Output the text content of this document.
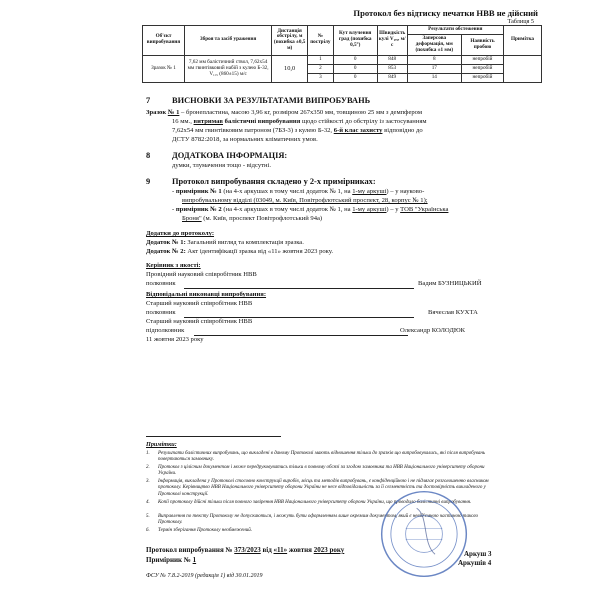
Протокол без відтиску печатки НВВ не дійсний
Таблиця 5
Об'єкт випробування	Зброя та засіб ураження	Дистанція обстрілу, м (похибка ±0,5 м)	№ пострілу	Кут влучення град (похибка 0,5°)	Швидкість кулі V₁,₅, м/с	Результати обстеження		Примітка
						Заперсова деформація, мм (похибка ±1 мм)	Наявність пробою	
Зразок № 1	7,62 мм балістичний ствол, 7,62х54 мм гвинтівковий набій з кулею Б-32, V₁,₅ (860±15) м/с	10,0	1	0	848	8	непробій	
			2	0	853	17	непробій	
			3	0	849	14	непробій	
7	ВИСНОВКИ ЗА РЕЗУЛЬТАТАМИ ВИПРОБУВАНЬ
Зразок № 1 – бронепластина, масою 3,96 кг, розміром 267х350 мм, товщиною 25 мм з демпфером
16 мм., витримав балістичні випробування щодо стійкості до обстрілу із застосуванням
7,62х54 мм гвинтівковим патроном (7БЗ-3) з кулею Б-32, 6-й клас захисту відповідно до
ДСТУ 8782:2018, за нормальних кліматичних умов.
8	ДОДАТКОВА ІНФОРМАЦІЯ:
думки, тлумачення тощо - відсутні.
9	Протокол випробування складено у 2-х примірниках:
- примірник № 1 (на 4-х аркушах в тому числі додаток № 1, на 1-му аркуші) – у науково-
випробувальному відділі (03049, м. Київ, Повітрофлотський проспект, 28, корпус № 1);
- примірник № 2 (на 4-х аркушах в тому числі додаток № 1, на 1-му аркуші) – у ТОВ "Українська
Броня" (м. Київ, проспект Повітрофлотський 94а)
Додатки до протоколу:
Додаток № 1: Загальний вигляд та комплектація зразка.
Додаток № 2: Акт ідентифікації зразка від «11» жовтня 2023 року.
Керівник з якості:
Провідний науковий співробітник НВВ
полковник	Вадим БУЗНИЦЬКИЙ
Відповідальні виконавці випробування:
Старший науковий співробітник НВВ
полковник	Вячеслав КУХТА
Старший науковий співробітник НВВ
підполковник	Олександр КОЛОДЮК
11 жовтня 2023 року
Примітки:
1. Результати балістичних випробувань, що викладені в даному Протоколі мають відношення тільки до зразків що випробовувались, які після випробувань повертаються замовнику.
2. Протокол з цілісним документом і може передруковуватись тільки в повному обсязі за згодою замовника та НВВ Національного університету оборони України.
3. Інформація, викладена у Протоколі стосовно конструкції виробів, місць та методів випробувань, є конфіденційною і не підлягає розголошенню власником протоколу. Керівництво НВВ Національного університету оборони України не несе відповідальність за її сегментність та достовірність викладеного у Протоколі конструкції.
4. Копії протоколу дійсні тільки після повного завірення НВВ Національного університету оборони України, що проводило балістичні випробування.
5. Виправлення по тексту Протоколу не допускаються, і можуть бути оформленням лише окремим документом, який є невід'ємною частиною такого Протоколу.
6. Термін зберігання Протоколу необмежений.
Протокол випробування № 373/2023 від «11» жовтня 2023 року
Примірник № 1
Аркуш 3
Аркушів 4
ФСУ № 7.8.2-2019 (редакція 1) від 30.01.2019
